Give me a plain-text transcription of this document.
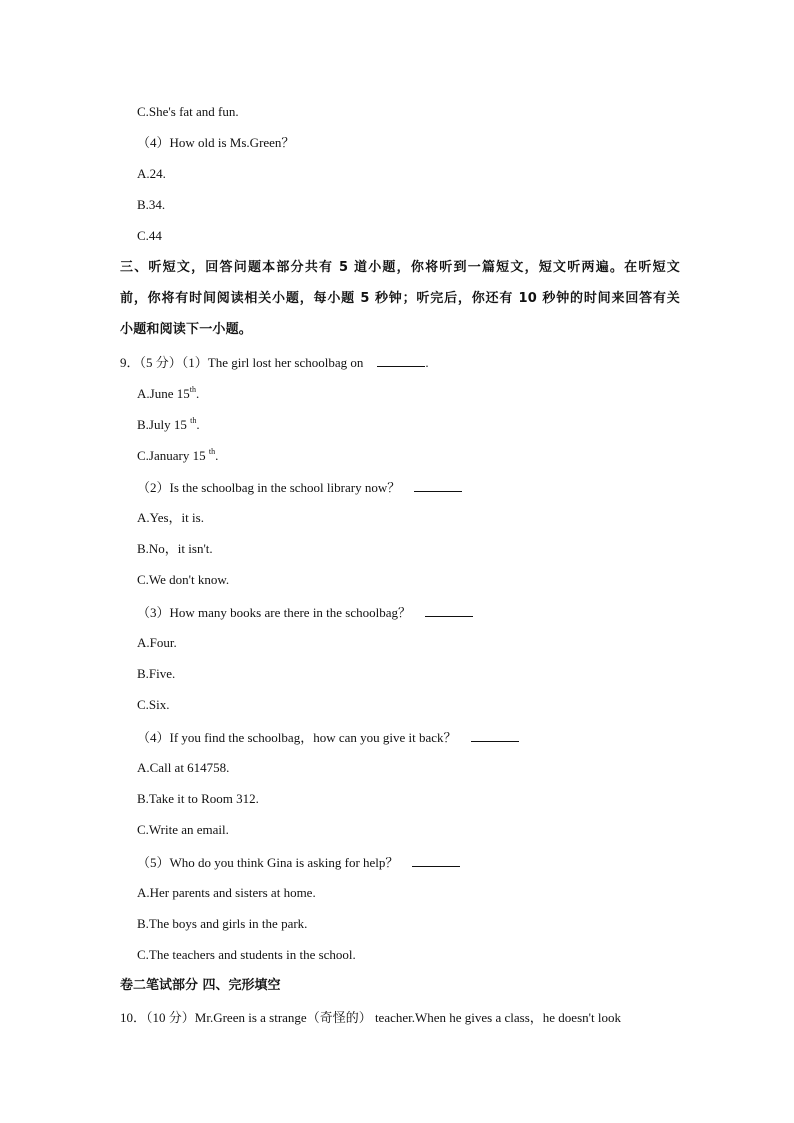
C.She's fat and fun.
（4）How old is Ms.Green？
A.24.
B.34.
C.44
三、听短文，回答问题本部分共有 5 道小题，你将听到一篇短文，短文听两遍。在听短文
前，你将有时间阅读相关小题，每小题 5 秒钟；听完后，你还有 10 秒钟的时间来回答有关
小题和阅读下一小题。
9．（5 分）（1）The girl lost her schoolbag on	.
A.June 15th.
B.July 15 $^{th}$.
C.January 15 $^{th}$.
（2）Is the schoolbag in the school library now？
A.Yes，it is.
B.No，it isn't.
C.We don't know.
（3）How many books are there in the schoolbag？
A.Four.
B.Five.
C.Six.
（4）If you find the schoolbag，how can you give it back？
A.Call at 614758.
B.Take it to Room 312.
C.Write an email.
（5）Who do you think Gina is asking for help？
A.Her parents and sisters at home.
B.The boys and girls in the park.
C.The teachers and students in the school.
卷二笔试部分 四、完形填空
10．（10 分）Mr.Green is a strange（奇怪的） teacher.When he gives a class，he doesn't look
